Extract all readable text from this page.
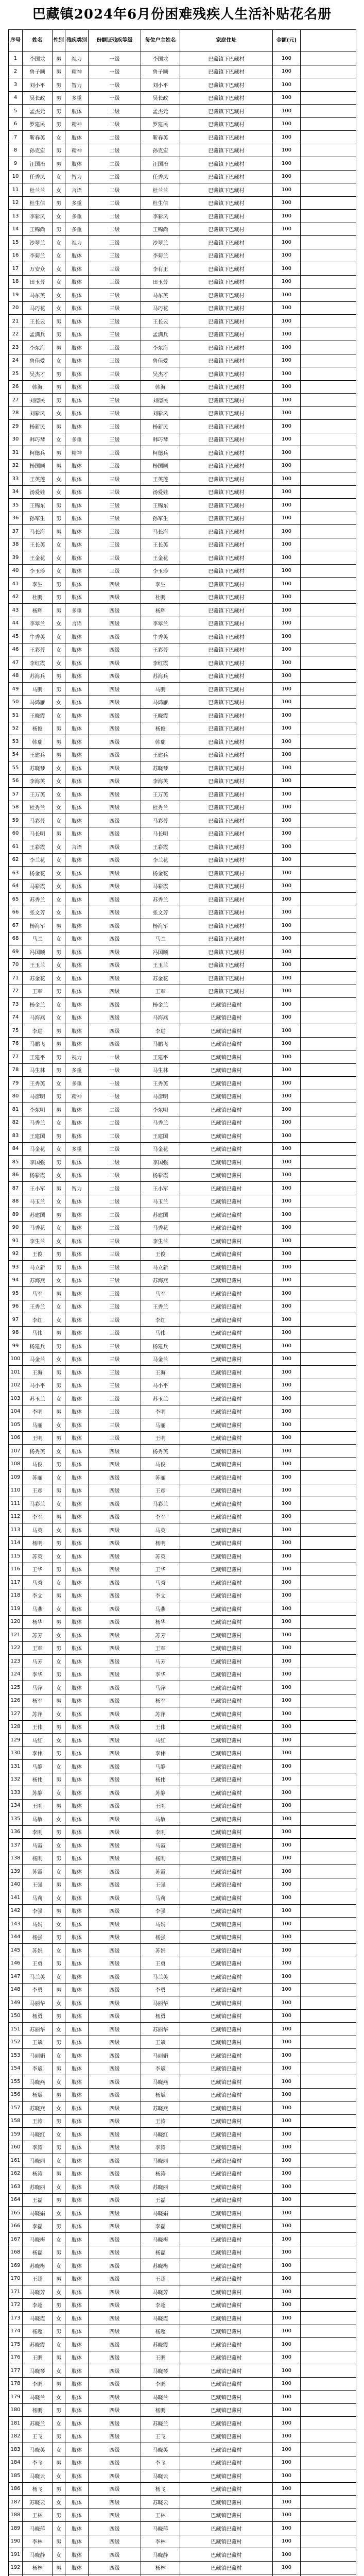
巴藏镇2024年6月份困难残疾人生活补贴花名册
序号	姓名	性别	残疾类别	份额证残疾等级	每位户主姓名	家庭住址	金额(元)	
1	李国龙	男	视力	一级	李国龙	巴藏镇下巴藏村	100	
2	鲁子顺	男	精神	一级	鲁子顺	巴藏镇下巴藏村	100	
3	刘小平	男	智力	一级	刘小平	巴藏镇下巴藏村	100	
4	吴长政	男	多重	一级	吴长政	巴藏镇下巴藏村	100	
5	孟杰元	男	肢体	二级	孟杰元	巴藏镇下巴藏村	100	
6	罗建民	男	精神	二级	罗建民	巴藏镇下巴藏村	100	
7	靳春英	女	肢体	二级	靳春英	巴藏镇下巴藏村	100	
8	孙克宏	男	精神	二级	孙克宏	巴藏镇下巴藏村	100	
9	汪国治	男	肢体	二级	汪国治	巴藏镇下巴藏村	100	
10	任秀凤	女	智力	二级	任秀凤	巴藏镇下巴藏村	100	
11	杜兰兰	女	言语	二级	杜兰兰	巴藏镇下巴藏村	100	
12	杜生信	男	多重	二级	杜生信	巴藏镇下巴藏村	100	
13	李彩凤	女	多重	二级	李彩凤	巴藏镇下巴藏村	100	
14	王锦尚	男	多重	二级	王锦尚	巴藏镇下巴藏村	100	
15	沙翠兰	女	视力	三级	沙翠兰	巴藏镇下巴藏村	100	
16	李菊兰	女	肢体	三级	李菊兰	巴藏镇下巴藏村	100	
17	万安众	女	肢体	三级	李有正	巴藏镇下巴藏村	100	
18	田玉芳	女	肢体	三级	田玉芳	巴藏镇下巴藏村	100	
19	马东英	女	肢体	三级	马东英	巴藏镇下巴藏村	100	
20	马巧花	女	肢体	三级	马巧花	巴藏镇下巴藏村	100	
21	王长云	男	肢体	三级	王长云	巴藏镇下巴藏村	100	
22	孟满兵	男	肢体	三级	孟满兵	巴藏镇下巴藏村	100	
23	李东海	男	肢体	三级	李东海	巴藏镇下巴藏村	100	
24	鲁佳爱	女	肢体	三级	鲁佳爱	巴藏镇下巴藏村	100	
25	吴杰才	男	肢体	三级	吴杰才	巴藏镇下巴藏村	100	
26	韩海	男	肢体	三级	韩海	巴藏镇下巴藏村	100	
27	刘德民	男	肢体	三级	刘德民	巴藏镇下巴藏村	100	
28	刘彩凤	女	肢体	三级	刘彩凤	巴藏镇下巴藏村	100	
29	杨新民	男	肢体	三级	杨新民	巴藏镇下巴藏村	100	
30	韩巧琴	女	多重	三级	韩巧琴	巴藏镇下巴藏村	100	
31	柯德兵	男	精神	三级	柯德兵	巴藏镇下巴藏村	100	
32	杨国顺	男	肢体	三级	杨国顺	巴藏镇下巴藏村	100	
33	王英莲	女	肢体	三级	王英莲	巴藏镇下巴藏村	100	
34	汤爱娃	女	肢体	三级	汤爱娃	巴藏镇下巴藏村	100	
35	王锦东	男	肢体	三级	王锦东	巴藏镇下巴藏村	100	
36	孙军生	男	肢体	三级	孙军生	巴藏镇下巴藏村	100	
37	马长海	男	肢体	三级	马长海	巴藏镇下巴藏村	100	
38	王长英	女	肢体	三级	王长英	巴藏镇下巴藏村	100	
39	王金花	女	肢体	三级	王金花	巴藏镇下巴藏村	100	
40	李玉珍	女	肢体	三级	李玉珍	巴藏镇下巴藏村	100	
41	李生	男	肢体	四级	李生	巴藏镇下巴藏村	100	
42	杜鹏	男	肢体	四级	杜鹏	巴藏镇下巴藏村	100	
43	杨辉	男	多重	四级	杨辉	巴藏镇下巴藏村	100	
44	李翠兰	女	言语	四级	李翠兰	巴藏镇下巴藏村	100	
45	牛秀英	女	肢体	四级	牛秀英	巴藏镇下巴藏村	100	
46	王彩芳	女	肢体	四级	王彩芳	巴藏镇下巴藏村	100	
47	李红霞	女	肢体	四级	李红霞	巴藏镇下巴藏村	100	
48	苏海兵	男	肢体	四级	苏海兵	巴藏镇下巴藏村	100	
49	马鹏	男	肢体	四级	马鹏	巴藏镇下巴藏村	100	
50	马鸿雁	女	肢体	四级	马鸿雁	巴藏镇下巴藏村	100	
51	王晓霞	女	肢体	四级	王晓霞	巴藏镇下巴藏村	100	
52	杨俊	男	肢体	四级	杨俊	巴藏镇下巴藏村	100	
53	韩瑞	男	肢体	四级	韩瑞	巴藏镇下巴藏村	100	
54	王建兵	男	肢体	四级	王建兵	巴藏镇下巴藏村	100	
55	苏晓琴	女	肢体	四级	苏晓琴	巴藏镇下巴藏村	100	
56	李海英	女	肢体	四级	李海英	巴藏镇下巴藏村	100	
57	王万英	女	肢体	四级	王万英	巴藏镇下巴藏村	100	
58	杜秀兰	女	肢体	四级	杜秀兰	巴藏镇下巴藏村	100	
59	马彩芳	女	肢体	四级	马彩芳	巴藏镇下巴藏村	100	
60	马长明	男	肢体	四级	马长明	巴藏镇下巴藏村	100	
61	王彩霞	女	言语	四级	王彩霞	巴藏镇下巴藏村	100	
62	李兰花	女	肢体	四级	李兰花	巴藏镇下巴藏村	100	
63	杨金花	女	肢体	四级	杨金花	巴藏镇下巴藏村	100	
64	马彩霞	女	肢体	四级	马彩霞	巴藏镇下巴藏村	100	
65	苏秀兰	女	肢体	四级	苏秀兰	巴藏镇下巴藏村	100	
66	张文芳	女	肢体	四级	张文芳	巴藏镇下巴藏村	100	
67	杨海军	男	肢体	四级	杨海军	巴藏镇下巴藏村	100	
68	马兰	女	肢体	四级	马兰	巴藏镇下巴藏村	100	
69	冯国顺	男	肢体	四级	冯国顺	巴藏镇下巴藏村	100	
70	王玉兰	女	肢体	四级	王玉兰	巴藏镇下巴藏村	100	
71	苏金花	女	肢体	四级	苏金花	巴藏镇下巴藏村	100	
72	王军	男	肢体	四级	王军	巴藏镇下巴藏村	100	
73	杨金兰	女	肢体	四级	杨金兰	巴藏镇巴藏村	100	
74	马海燕	女	肢体	四级	马海燕	巴藏镇巴藏村	100	
75	李进	男	肢体	四级	李进	巴藏镇巴藏村	100	
76	马鹏飞	男	肢体	四级	马鹏飞	巴藏镇巴藏村	100	
77	王建平	男	视力	一级	王建平	巴藏镇巴藏村	100	
78	马生林	男	多重	一级	马生林	巴藏镇巴藏村	100	
79	王秀英	女	多重	一级	王秀英	巴藏镇巴藏村	100	
80	马彦明	男	精神	一级	马彦明	巴藏镇巴藏村	100	
81	李东明	男	肢体	二级	李东明	巴藏镇巴藏村	100	
82	马秀兰	女	肢体	二级	马秀兰	巴藏镇巴藏村	100	
83	王建国	男	肢体	二级	王建国	巴藏镇巴藏村	100	
84	马金花	女	多重	二级	马金花	巴藏镇巴藏村	100	
85	李国强	男	肢体	二级	李国强	巴藏镇巴藏村	100	
86	杨彩霞	女	肢体	二级	杨彩霞	巴藏镇巴藏村	100	
87	王小军	男	智力	二级	王小军	巴藏镇巴藏村	100	
88	马玉兰	女	肢体	二级	马玉兰	巴藏镇巴藏村	100	
89	苏建国	男	肢体	二级	苏建国	巴藏镇巴藏村	100	
90	马秀花	女	肢体	二级	马秀花	巴藏镇巴藏村	100	
91	李生兰	女	肢体	三级	李生兰	巴藏镇巴藏村	100	
92	王俊	男	肢体	三级	王俊	巴藏镇巴藏村	100	
93	马立新	男	肢体	三级	马立新	巴藏镇巴藏村	100	
94	苏海燕	女	肢体	三级	苏海燕	巴藏镇巴藏村	100	
95	马军	男	肢体	三级	马军	巴藏镇巴藏村	100	
96	王秀兰	女	肢体	三级	王秀兰	巴藏镇巴藏村	100	
97	李红	女	肢体	三级	李红	巴藏镇巴藏村	100	
98	马伟	男	肢体	三级	马伟	巴藏镇巴藏村	100	
99	杨建兵	男	肢体	三级	杨建兵	巴藏镇巴藏村	100	
100	马金兰	女	肢体	三级	马金兰	巴藏镇巴藏村	100	
101	王海	男	肢体	三级	王海	巴藏镇巴藏村	100	
102	马小平	男	肢体	三级	马小平	巴藏镇巴藏村	100	
103	苏玉兰	女	肢体	三级	苏玉兰	巴藏镇巴藏村	100	
104	李明	男	肢体	三级	李明	巴藏镇巴藏村	100	
105	马丽	女	肢体	三级	马丽	巴藏镇巴藏村	100	
106	王明	男	肢体	三级	王明	巴藏镇巴藏村	100	
107	杨秀英	女	肢体	四级	杨秀英	巴藏镇巴藏村	100	
108	马俊	男	肢体	四级	马俊	巴藏镇巴藏村	100	
109	苏丽	女	肢体	四级	苏丽	巴藏镇巴藏村	100	
110	王彦	男	肢体	四级	王彦	巴藏镇巴藏村	100	
111	马彩兰	女	肢体	四级	马彩兰	巴藏镇巴藏村	100	
112	李军	男	肢体	四级	李军	巴藏镇巴藏村	100	
113	马英	女	肢体	四级	马英	巴藏镇巴藏村	100	
114	杨明	男	肢体	四级	杨明	巴藏镇巴藏村	100	
115	苏英	女	肢体	四级	苏英	巴藏镇巴藏村	100	
116	王华	男	肢体	四级	王华	巴藏镇巴藏村	100	
117	马秀	女	肢体	四级	马秀	巴藏镇巴藏村	100	
118	李文	男	肢体	四级	李文	巴藏镇巴藏村	100	
119	马燕	女	肢体	四级	马燕	巴藏镇巴藏村	100	
120	杨华	男	肢体	四级	杨华	巴藏镇巴藏村	100	
121	苏芳	女	肢体	四级	苏芳	巴藏镇巴藏村	100	
122	王军	男	肢体	四级	王军	巴藏镇巴藏村	100	
123	马芳	女	肢体	四级	马芳	巴藏镇巴藏村	100	
124	李华	男	肢体	四级	李华	巴藏镇巴藏村	100	
125	马萍	女	肢体	四级	马萍	巴藏镇巴藏村	100	
126	杨军	男	肢体	四级	杨军	巴藏镇巴藏村	100	
127	苏萍	女	肢体	四级	苏萍	巴藏镇巴藏村	100	
128	王伟	男	肢体	四级	王伟	巴藏镇巴藏村	100	
129	马红	女	肢体	四级	马红	巴藏镇巴藏村	100	
130	李伟	男	肢体	四级	李伟	巴藏镇巴藏村	100	
131	马静	女	肢体	四级	马静	巴藏镇巴藏村	100	
132	杨伟	男	肢体	四级	杨伟	巴藏镇巴藏村	100	
133	苏静	女	肢体	四级	苏静	巴藏镇巴藏村	100	
134	王刚	男	肢体	四级	王刚	巴藏镇巴藏村	100	
135	马敏	女	肢体	四级	马敏	巴藏镇巴藏村	100	
136	李刚	男	肢体	四级	李刚	巴藏镇巴藏村	100	
137	马霞	女	肢体	四级	马霞	巴藏镇巴藏村	100	
138	杨刚	男	肢体	四级	杨刚	巴藏镇巴藏村	100	
139	苏霞	女	肢体	四级	苏霞	巴藏镇巴藏村	100	
140	王强	男	肢体	四级	王强	巴藏镇巴藏村	100	
141	马莉	女	肢体	四级	马莉	巴藏镇巴藏村	100	
142	李强	男	肢体	四级	李强	巴藏镇巴藏村	100	
143	马娟	女	肢体	四级	马娟	巴藏镇巴藏村	100	
144	杨强	男	肢体	四级	杨强	巴藏镇巴藏村	100	
145	苏娟	女	肢体	四级	苏娟	巴藏镇巴藏村	100	
146	王勇	男	肢体	四级	王勇	巴藏镇巴藏村	100	
147	马兰英	女	肢体	四级	马兰英	巴藏镇巴藏村	100	
148	李勇	男	肢体	四级	李勇	巴藏镇巴藏村	100	
149	马丽华	女	肢体	四级	马丽华	巴藏镇巴藏村	100	
150	杨勇	男	肢体	四级	杨勇	巴藏镇巴藏村	100	
151	苏丽华	女	肢体	四级	苏丽华	巴藏镇巴藏村	100	
152	王斌	男	肢体	四级	王斌	巴藏镇巴藏村	100	
153	马丽娟	女	肢体	四级	马丽娟	巴藏镇巴藏村	100	
154	李斌	男	肢体	四级	李斌	巴藏镇巴藏村	100	
155	马晓燕	女	肢体	四级	马晓燕	巴藏镇巴藏村	100	
156	杨斌	男	肢体	四级	杨斌	巴藏镇巴藏村	100	
157	苏晓燕	女	肢体	四级	苏晓燕	巴藏镇巴藏村	100	
158	王涛	男	肢体	四级	王涛	巴藏镇巴藏村	100	
159	马晓红	女	肢体	四级	马晓红	巴藏镇巴藏村	100	
160	李涛	男	肢体	四级	李涛	巴藏镇巴藏村	100	
161	马晓丽	女	肢体	四级	马晓丽	巴藏镇巴藏村	100	
162	杨涛	男	肢体	四级	杨涛	巴藏镇巴藏村	100	
163	苏晓丽	女	肢体	四级	苏晓丽	巴藏镇巴藏村	100	
164	王磊	男	肢体	四级	王磊	巴藏镇巴藏村	100	
165	马晓娟	女	肢体	四级	马晓娟	巴藏镇巴藏村	100	
166	李磊	男	肢体	四级	李磊	巴藏镇巴藏村	100	
167	马晓梅	女	肢体	四级	马晓梅	巴藏镇巴藏村	100	
168	杨磊	男	肢体	四级	杨磊	巴藏镇巴藏村	100	
169	苏晓梅	女	肢体	四级	苏晓梅	巴藏镇巴藏村	100	
170	王超	男	肢体	四级	王超	巴藏镇巴藏村	100	
171	马晓芳	女	肢体	四级	马晓芳	巴藏镇巴藏村	100	
172	李超	男	肢体	四级	李超	巴藏镇巴藏村	100	
173	马晓霞	女	肢体	四级	马晓霞	巴藏镇巴藏村	100	
174	杨超	男	肢体	四级	杨超	巴藏镇巴藏村	100	
175	苏晓霞	女	肢体	四级	苏晓霞	巴藏镇巴藏村	100	
176	王鹏	男	肢体	四级	王鹏	巴藏镇巴藏村	100	
177	马晓琴	女	肢体	四级	马晓琴	巴藏镇巴藏村	100	
178	李鹏	男	肢体	四级	李鹏	巴藏镇巴藏村	100	
179	马晓兰	女	肢体	四级	马晓兰	巴藏镇巴藏村	100	
180	杨鹏	男	肢体	四级	杨鹏	巴藏镇巴藏村	100	
181	苏晓兰	女	肢体	四级	苏晓兰	巴藏镇巴藏村	100	
182	王飞	男	肢体	四级	王飞	巴藏镇巴藏村	100	
183	马晓英	女	肢体	四级	马晓英	巴藏镇巴藏村	100	
184	李飞	男	肢体	四级	李飞	巴藏镇巴藏村	100	
185	马晓云	女	肢体	四级	马晓云	巴藏镇巴藏村	100	
186	杨飞	男	肢体	四级	杨飞	巴藏镇巴藏村	100	
187	苏晓云	女	肢体	四级	苏晓云	巴藏镇巴藏村	100	
188	王林	男	肢体	四级	王林	巴藏镇巴藏村	100	
189	马晓萍	女	肢体	四级	马晓萍	巴藏镇巴藏村	100	
190	李林	男	肢体	四级	李林	巴藏镇巴藏村	100	
191	马晓静	女	肢体	四级	马晓静	巴藏镇巴藏村	100	
192	杨林	男	肢体	四级	杨林	巴藏镇巴藏村	100	
